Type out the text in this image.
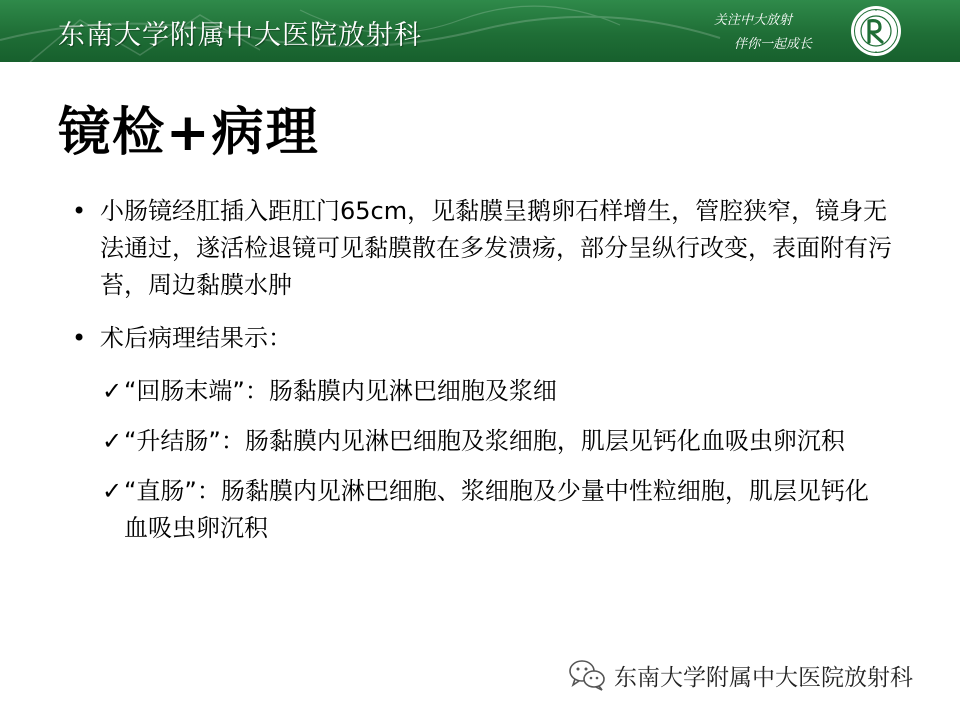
东南大学附属中大医院放射科	关注中大放射
伴你一起成长
镜检+病理
• 小肠镜经肛插入距肛门65cm，见黏膜呈鹅卵石样增生，管腔狭窄，镜身无法通过，遂活检退镜可见黏膜散在多发溃疡，部分呈纵行改变，表面附有污苔，周边黏膜水肿
• 术后病理结果示：
✓ “回肠末端”：肠黏膜内见淋巴细胞及浆细
✓ “升结肠”：肠黏膜内见淋巴细胞及浆细胞，肌层见钙化血吸虫卵沉积
✓ “直肠”：肠黏膜内见淋巴细胞、浆细胞及少量中性粒细胞，肌层见钙化血吸虫卵沉积
东南大学附属中大医院放射科
